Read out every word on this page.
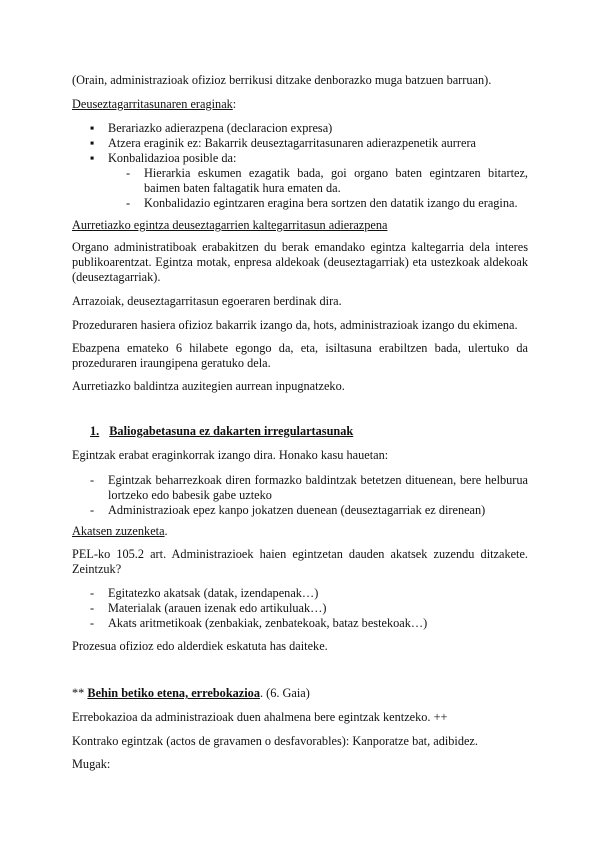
(Orain, administrazioak ofizioz berrikusi ditzake denborazko muga batzuen barruan).

Deuseztagarritasunaren eraginak:

▪ Berariazko adierazpena (declaracion expresa)
▪ Atzera eraginik ez: Bakarrik deuseztagarritasunaren adierazpenetik aurrera
▪ Konbalidazioa posible da:
- Hierarkia eskumen ezagatik bada, goi organo baten egintzaren bitartez, baimen baten faltagatik hura ematen da.
- Konbalidazio egintzaren eragina bera sortzen den datatik izango du eragina.

Aurretiazko egintza deuseztagarrien kaltegarritasun adierazpena

Organo administratiboak erabakitzen du berak emandako egintza kaltegarria dela interes publikoarentzat. Egintza motak, enpresa aldekoak (deuseztagarriak) eta ustezkoak aldekoak (deuseztagarriak).

Arrazoiak, deuseztagarritasun egoeraren berdinak dira.

Prozeduraren hasiera ofizioz bakarrik izango da, hots, administrazioak izango du ekimena.

Ebazpena emateko 6 hilabete egongo da, eta, isiltasuna erabiltzen bada, ulertuko da prozeduraren iraungipena geratuko dela.

Aurretiazko baldintza auzitegien aurrean inpugnatzeko.

1. Baliogabetasuna ez dakarten irregulartasunak

Egintzak erabat eraginkorrak izango dira. Honako kasu hauetan:

- Egintzak beharrezkoak diren formazko baldintzak betetzen dituenean, bere helburua lortzeko edo babesik gabe uzteko
- Administrazioak epez kanpo jokatzen duenean (deuseztagarriak ez direnean)

Akatsen zuzenketa.

PEL-ko 105.2 art. Administrazioek haien egintzetan dauden akatsek zuzendu ditzakete. Zeintzuk?

- Egitatezko akatsak (datak, izendapenak…)
- Materialak (arauen izenak edo artikuluak…)
- Akats aritmetikoak (zenbakiak, zenbatekoak, bataz bestekoak…)

Prozesua ofizioz edo alderdiek eskatuta has daiteke.

** Behin betiko etena, errebokazioa. (6. Gaia)

Errebokazioa da administrazioak duen ahalmena bere egintzak kentzeko. ++

Kontrako egintzak (actos de gravamen o desfavorables): Kanporatze bat, adibidez.

Mugak:
